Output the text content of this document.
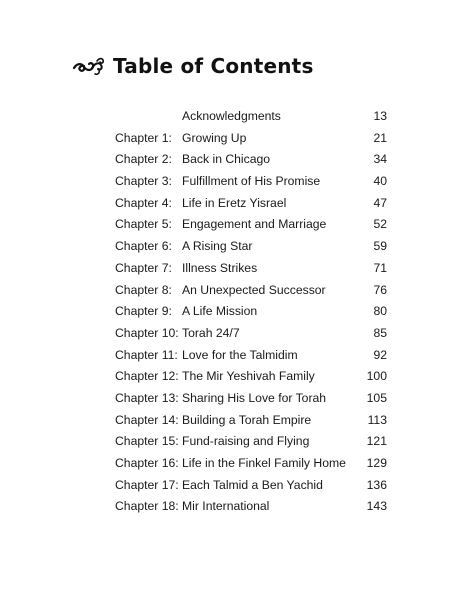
Table of Contents
Acknowledgments	13
Chapter 1: Growing Up	21
Chapter 2: Back in Chicago	34
Chapter 3: Fulfillment of His Promise	40
Chapter 4: Life in Eretz Yisrael	47
Chapter 5: Engagement and Marriage	52
Chapter 6: A Rising Star	59
Chapter 7: Illness Strikes	71
Chapter 8: An Unexpected Successor	76
Chapter 9: A Life Mission	80
Chapter 10: Torah 24/7	85
Chapter 11: Love for the Talmidim	92
Chapter 12: The Mir Yeshivah Family	100
Chapter 13: Sharing His Love for Torah	105
Chapter 14: Building a Torah Empire	113
Chapter 15: Fund-raising and Flying	121
Chapter 16: Life in the Finkel Family Home 129
Chapter 17: Each Talmid a Ben Yachid	136
Chapter 18: Mir International	143
